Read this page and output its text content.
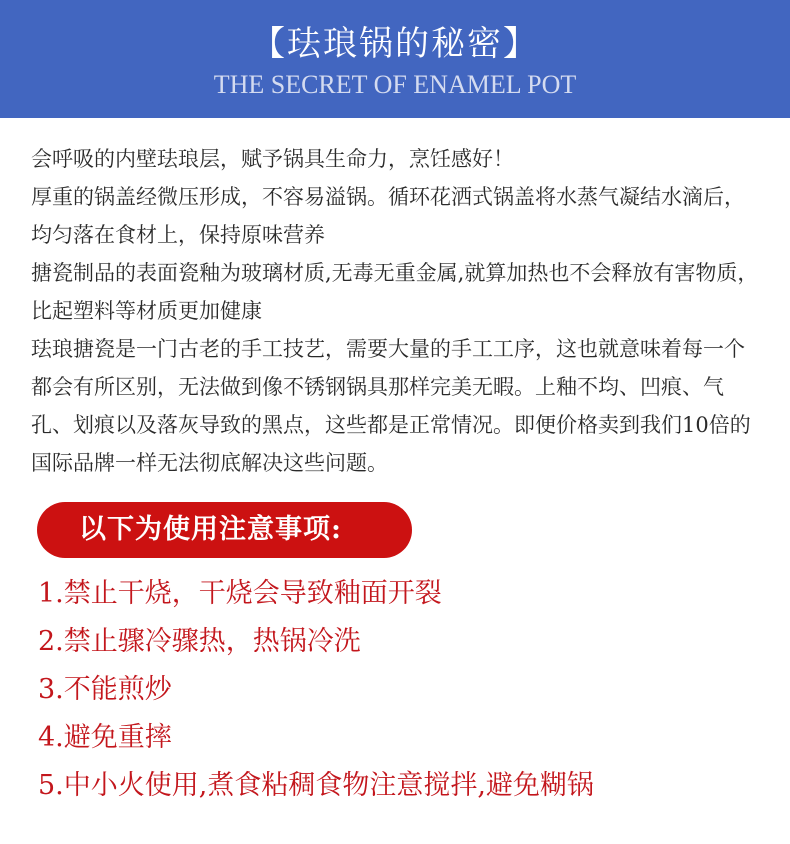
【珐琅锅的秘密】
THE SECRET OF ENAMEL POT

会呼吸的内壁珐琅层，赋予锅具生命力，烹饪感好！

厚重的锅盖经微压形成，不容易溢锅。循环花洒式锅盖将水蒸气凝结水滴后，均匀落在食材上，保持原味营养

搪瓷制品的表面瓷釉为玻璃材质,无毒无重金属,就算加热也不会释放有害物质，比起塑料等材质更加健康

珐琅搪瓷是一门古老的手工技艺，需要大量的手工工序，这也就意味着每一个都会有所区别，无法做到像不锈钢锅具那样完美无暇。上釉不均、凹痕、气孔、划痕以及落灰导致的黑点，这些都是正常情况。即便价格卖到我们10倍的国际品牌一样无法彻底解决这些问题。

以下为使用注意事项:
1.禁止干烧，干烧会导致釉面开裂
2.禁止骤冷骤热，热锅冷洗
3.不能煎炒
4.避免重摔
5.中小火使用,煮食粘稠食物注意搅拌,避免糊锅
